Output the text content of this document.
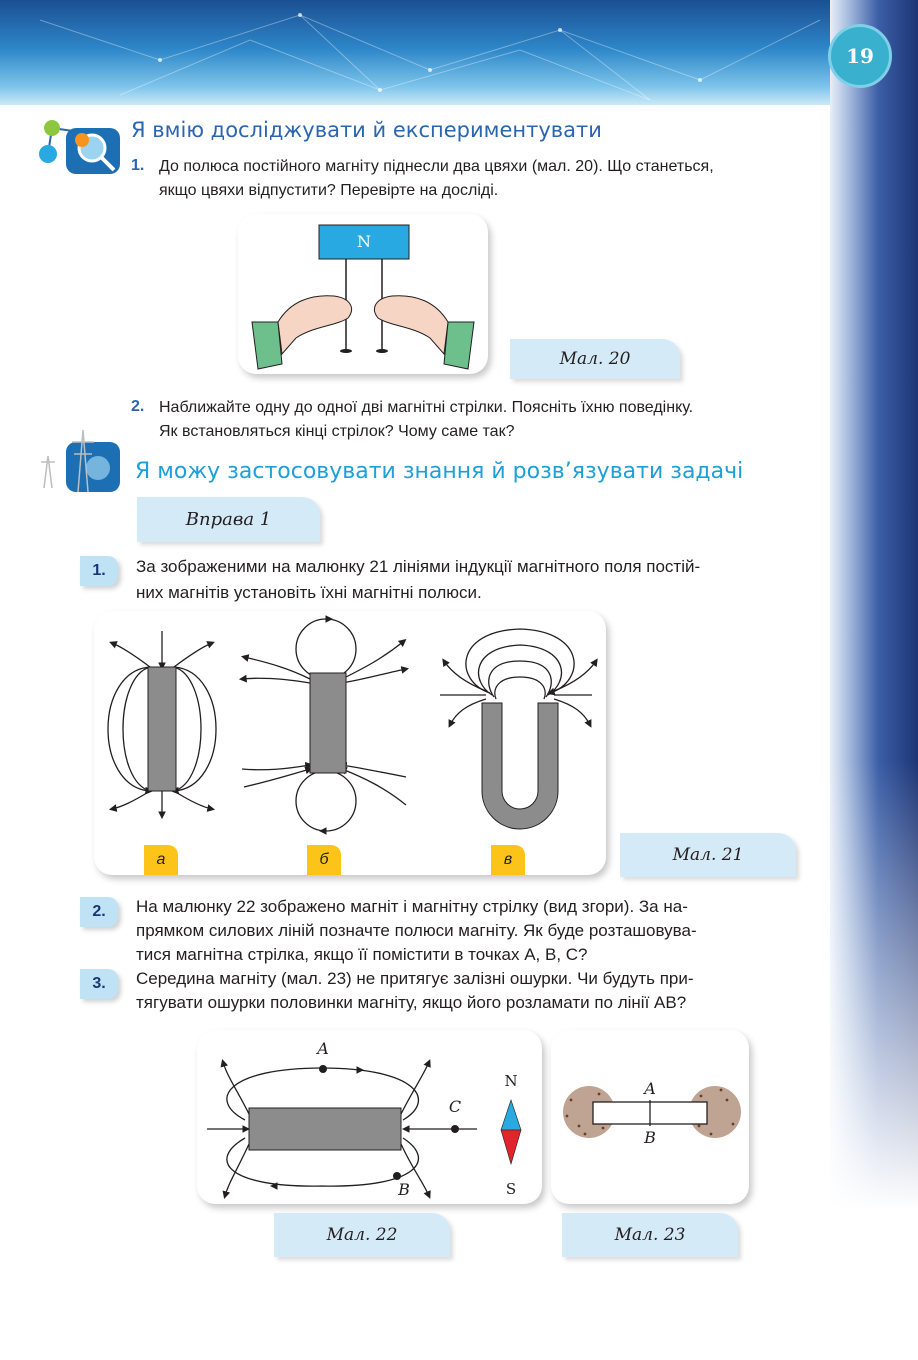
19
Я вмію досліджувати й експериментувати
1. До полюса постійного магніту піднесли два цвяхи (мал. 20). Що станеться,
якщо цвяхи відпустити? Перевірте на досліді.
N
Мал. 20
2. Наближайте одну до одної дві магнітні стрілки. Поясніть їхню поведінку.
Як встановляться кінці стрілок? Чому саме так?
Я можу застосовувати знання й розв’язувати задачі
Вправа 1
1.	За зображеними на малюнку 21 лініями індукції магнітного поля постій-
них магнітів установіть їхні магнітні полюси.
а	б	в	Мал. 21
2.	На малюнку 22 зображено магніт і магнітну стрілку (вид згори). За на-
прямком силових ліній позначте полюси магніту. Як буде розташовува-
тися магнітна стрілка, якщо її помістити в точках А, В, С?
3.	Середина магніту (мал. 23) не притягує залізні ошурки. Чи будуть при-
тягувати ошурки половинки магніту, якщо його розламати по лінії АВ?
A
B
C
N
S
Мал. 22
A
B
Мал. 23
